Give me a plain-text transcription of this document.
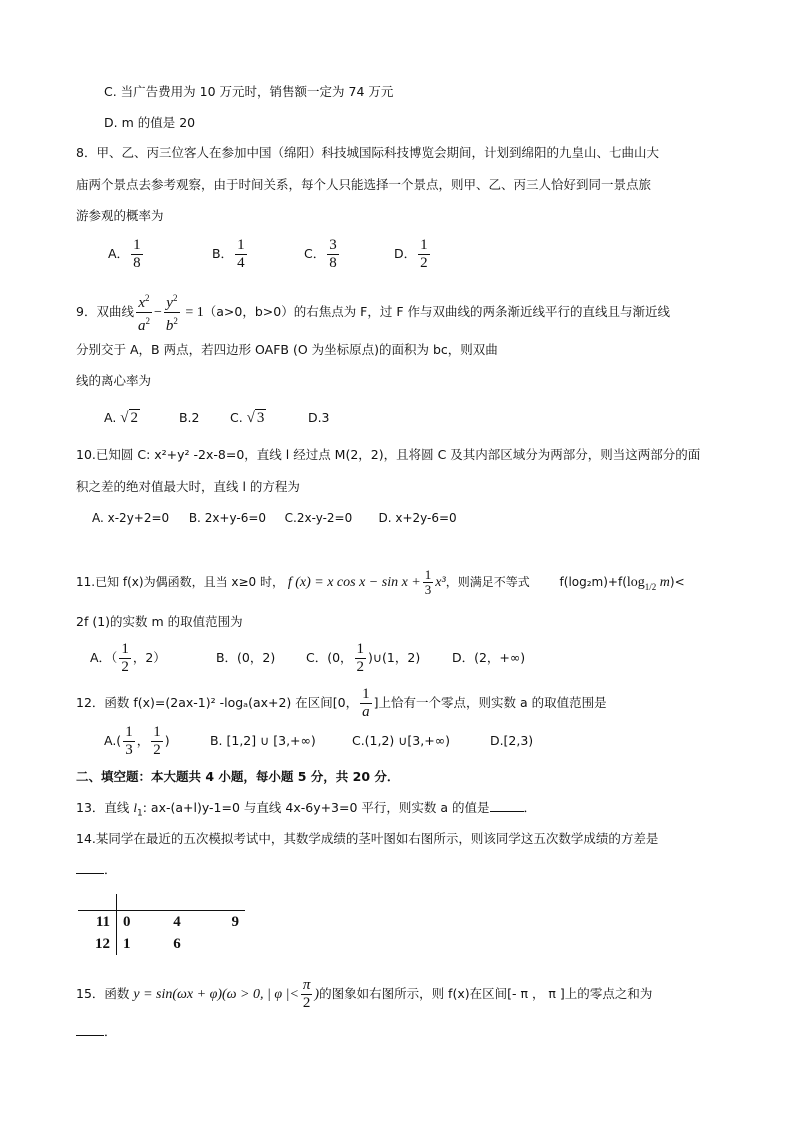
C. 当广告费用为 10 万元时，销售额一定为 74 万元
D. m 的值是 20
8．甲、乙、丙三位客人在参加中国（绵阳）科技城国际科技博览会期间，计划到绵阳的九皇山、七曲山大
庙两个景点去参考观察，由于时间关系，每个人只能选择一个景点，则甲、乙、丙三人恰好到同一景点旅
游参观的概率为
A． $\frac{1}{8}$	B． $\frac{1}{4}$	C． $\frac{3}{8}$	D． $\frac{1}{2}$
9．双曲线 $\frac{x^2}{a^2} - \frac{y^2}{b^2} = 1(a>0$，b>0）的右焦点为 F，过 F 作与双曲线的两条渐近线平行的直线且与渐近线
分别交于 A，B 两点，若四边形 OAFB (O 为坐标原点)的面积为 bc，则双曲
线的离心率为
A. √ 2	B.2 C. √ 3	D.3
10.已知圆 C: x²+y² -2x-8=0，直线 l 经过点 M(2，2)，且将圆 C 及其内部区域分为两部分，则当这两部分的面
积之差的绝对值最大时，直线 l 的方程为
A. x-2y+2=0 B. 2x+y-6=0 C.2x-y-2=0 D. x+2y-6=0
11.已知 f(x)为偶函数，且当 x≥0 时， f (x) = x $\cos x - \sin x + \frac{1}{3} x^3$，则满足不等式 $f(\log_2m)+f(\log_{1/2}$ m)<
2f (1)的实数 m 的取值范围为
A．（ $\frac{1}{2}$ ，2）	B．(0，2) C．(0， $\frac{1}{2}$ )∪(1，2)	D．(2，+∞)
12．函数 f(x)=(2ax-1)² -logₐ(ax+2) 在区间[0， $\frac{1}{a}$ ]上恰有一个零点，则实数 a 的取值范围是
$A.( \frac{1}{3}$ ， $\frac{1}{2}$ )	B. [1,2] ∪ [3,+∞)	C.(1,2) ∪[3,+∞)	D.[2,3)
二、填空题：本大题共 4 小题，每小题 5 分，共 20 分．
13．直线 $l_1$: ax-(a+l)y-1=0 与直线 4x-6y+3=0 平行，则实数 a 的值是	．
14.某同学在最近的五次模拟考试中，其数学成绩的茎叶图如右图所示，则该同学这五次数学成绩的方差是
．

11	0	4	9
12	1	6	
15．函数 y = sin(ωx + φ)(ω > 0, | φ |< $\frac{\pi}{2}$ )的图象如右图所示，则 f(x)在区间[- π ， π ]上的零点之和为
．
